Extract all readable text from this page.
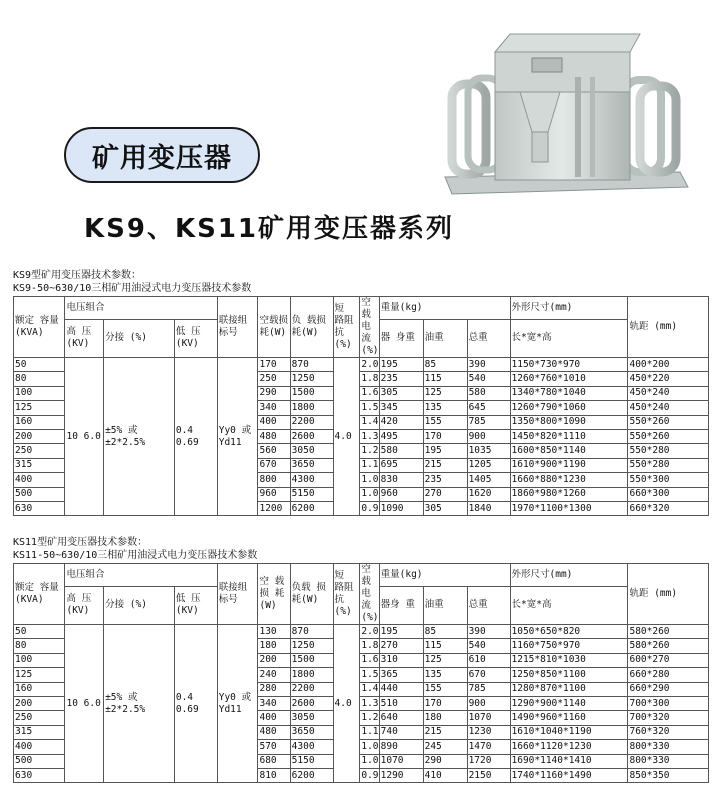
矿用变压器
KS9、KS11矿用变压器系列
KS9型矿用变压器技术参数：
KS9-50~630/10三相矿用油浸式电力变压器技术参数
额定 容量(KVA)	电压组合			联接组标号	空载损耗(W)	负 载损 耗(W)	短 路阻 抗(%)	空 载电 流(%)	重量(kg)			外形尺寸(mm)	轨距 (mm)
	高 压 (KV)	分接 (%)	低 压 (KV)						器 身重	油重	总重	长*宽*高	
50	10 6.0	±5% 或±2*2.5%	0.4 0.69	Yy0 或Yd11	170	870	4.0	2.0	195	85	390	1150*730*970	400*200
80					250	1250		1.8	235	115	540	1260*760*1010	450*220
100					290	1500		1.6	305	125	580	1340*780*1040	450*240
125					340	1800		1.5	345	135	645	1260*790*1060	450*240
160					400	2200		1.4	420	155	785	1350*800*1090	550*260
200					480	2600		1.3	495	170	900	1450*820*1110	550*260
250					560	3050		1.2	580	195	1035	1600*850*1140	550*280
315					670	3650		1.1	695	215	1205	1610*900*1190	550*280
400					800	4300		1.0	830	235	1405	1660*880*1230	550*300
500					960	5150		1.0	960	270	1620	1860*980*1260	660*300
630					1200	6200		0.9	1090	305	1840	1970*1100*1300	660*320
KS11型矿用变压器技术参数：
KS11-50~630/10三相矿用油浸式电力变压器技术参数
额定 容量(KVA)	电压组合			联接组标号	空 载损 耗(W)	负载 损耗(W)	短 路阻 抗(%)	空 载电 流(%)	重量(kg)			外形尺寸(mm)	轨距 (mm)
	高 压 (KV)	分接 (%)	低 压 (KV)						器身 重	油重	总重	长*宽*高	
50	10 6.0	±5% 或±2*2.5%	0.4 0.69	Yy0 或Yd11	130	870	4.0	2.0	195	85	390	1050*650*820	580*260
80					180	1250		1.8	270	115	540	1160*750*970	580*260
100					200	1500		1.6	310	125	610	1215*810*1030	600*270
125					240	1800		1.5	365	135	670	1250*850*1100	660*280
160					280	2200		1.4	440	155	785	1280*870*1100	660*290
200					340	2600		1.3	510	170	900	1290*900*1140	700*300
250					400	3050		1.2	640	180	1070	1490*960*1160	700*320
315					480	3650		1.1	740	215	1230	1610*1040*1190	760*320
400					570	4300		1.0	890	245	1470	1660*1120*1230	800*330
500					680	5150		1.0	1070	290	1720	1690*1140*1410	800*330
630					810	6200		0.9	1290	410	2150	1740*1160*1490	850*350
